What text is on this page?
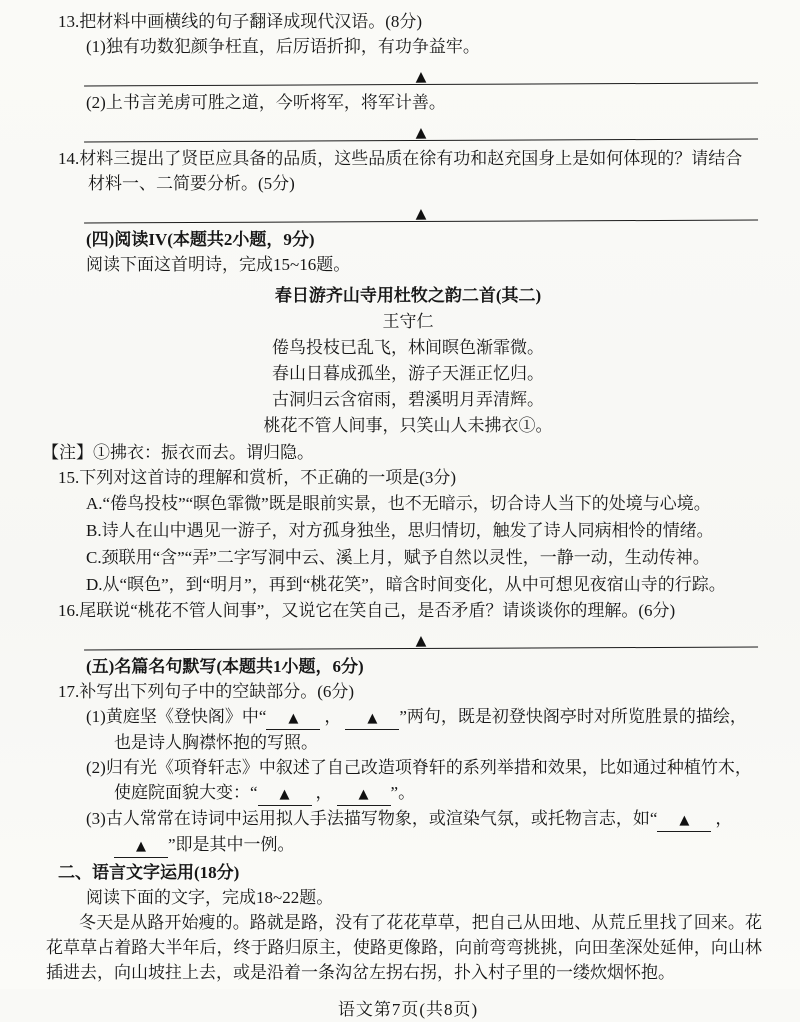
13.把材料中画横线的句子翻译成现代汉语。(8分)
(1)独有功数犯颜争枉直，后厉语折抑，有功争益牢。
▲
(2)上书言羌虏可胜之道，今听将军，将军计善。
▲
14.材料三提出了贤臣应具备的品质，这些品质在徐有功和赵充国身上是如何体现的？请结合材料一、二简要分析。(5分)
▲
(四)阅读IV(本题共2小题，9分)
阅读下面这首明诗，完成15~16题。
春日游齐山寺用杜牧之韵二首(其二)
王守仁
倦鸟投枝已乱飞，林间暝色渐霏微。
春山日暮成孤坐，游子天涯正忆归。
古洞归云含宿雨，碧溪明月弄清辉。
桃花不管人间事，只笑山人未拂衣①。
【注】①拂衣：振衣而去。谓归隐。
15.下列对这首诗的理解和赏析，不正确的一项是(3分)
A.“倦鸟投枝”“暝色霏微”既是眼前实景，也不无暗示，切合诗人当下的处境与心境。
B.诗人在山中遇见一游子，对方孤身独坐，思归情切，触发了诗人同病相怜的情绪。
C.颈联用“含”“弄”二字写洞中云、溪上月，赋予自然以灵性，一静一动，生动传神。
D.从“暝色”，到“明月”，再到“桃花笑”，暗含时间变化，从中可想见夜宿山寺的行踪。
16.尾联说“桃花不管人间事”，又说它在笑自己，是否矛盾？请谈谈你的理解。(6分)
▲
(五)名篇名句默写(本题共1小题，6分)
17.补写出下列句子中的空缺部分。(6分)
(1)黄庭坚《登快阁》中“ ▲ ， ▲ ”两句，既是初登快阁亭时对所览胜景的描绘，也是诗人胸襟怀抱的写照。
(2)归有光《项脊轩志》中叙述了自己改造项脊轩的系列举措和效果，比如通过种植竹木，使庭院面貌大变：“ ▲ ， ▲ ”。
(3)古人常常在诗词中运用拟人手法描写物象，或渲染气氛，或托物言志，如“ ▲ ，▲ ”即是其中一例。
二、语言文字运用(18分)
阅读下面的文字，完成18~22题。
冬天是从路开始瘦的。路就是路，没有了花花草草，把自己从田地、从荒丘里找了回来。花花草草占着路大半年后，终于路归原主，使路更像路，向前弯弯挑挑，向田垄深处延伸，向山林插进去，向山坡拄上去，或是沿着一条沟岔左拐右拐，扑入村子里的一缕炊烟怀抱。
语文第7页(共8页)
